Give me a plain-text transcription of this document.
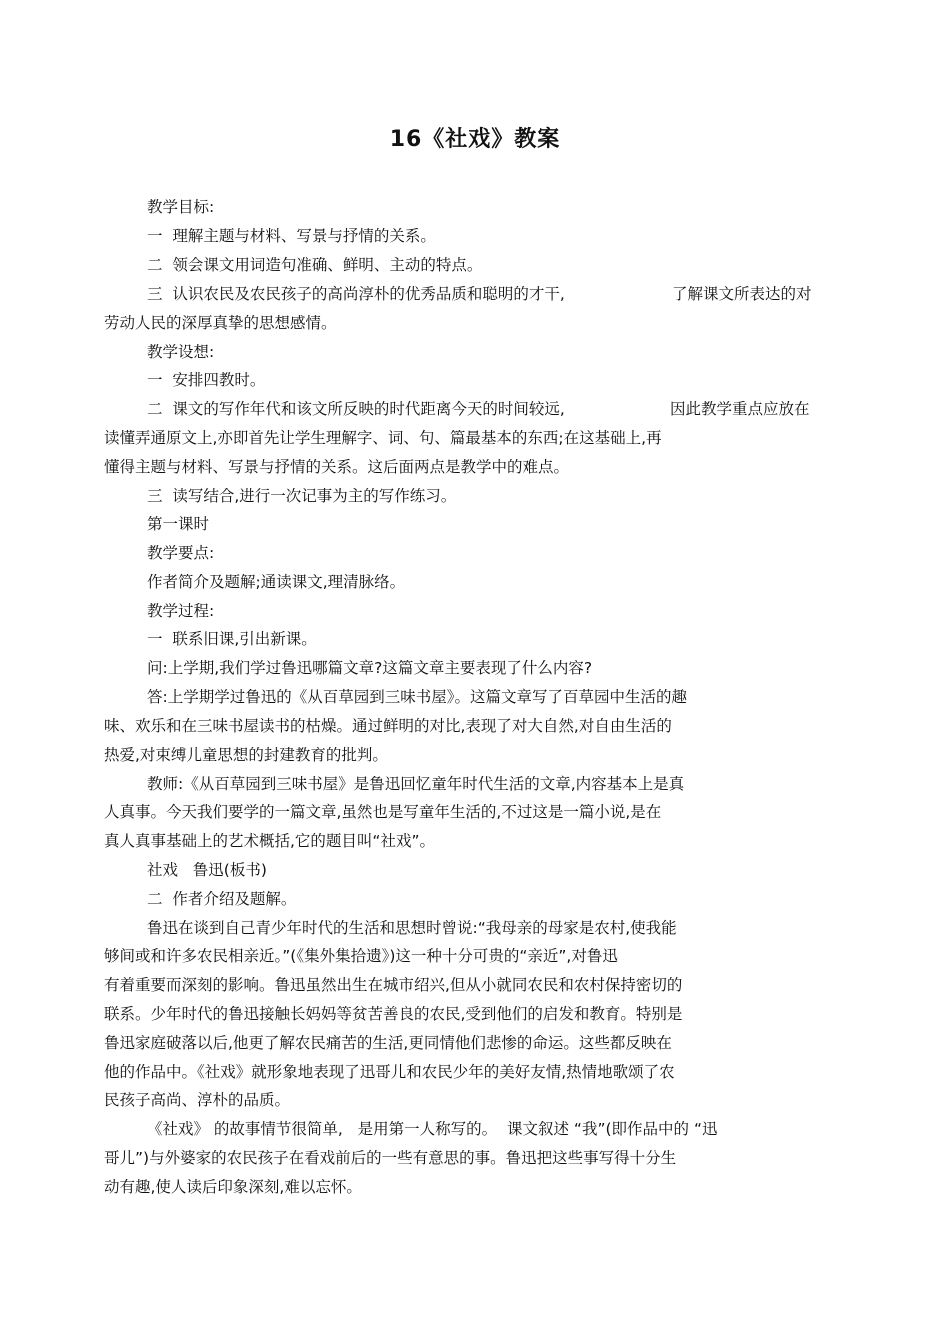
16《社戏》教案
教学目标:
一  理解主题与材料、写景与抒情的关系。
二  领会课文用词造句准确、鲜明、主动的特点。
三  认识农民及农民孩子的高尚淳朴的优秀品质和聪明的才干,	了解课文所表达的对
劳动人民的深厚真挚的思想感情。
教学设想:
一  安排四教时。
二  课文的写作年代和该文所反映的时代距离今天的时间较远,	因此教学重点应放在
读懂弄通原文上,亦即首先让学生理解字、词、句、篇最基本的东西;在这基础上,再
懂得主题与材料、写景与抒情的关系。这后面两点是教学中的难点。
三  读写结合,进行一次记事为主的写作练习。
第一课时
教学要点:
作者简介及题解;通读课文,理清脉络。
教学过程:
一  联系旧课,引出新课。
问:上学期,我们学过鲁迅哪篇文章?这篇文章主要表现了什么内容?
答:上学期学过鲁迅的《从百草园到三味书屋》。这篇文章写了百草园中生活的趣
味、欢乐和在三味书屋读书的枯燥。通过鲜明的对比,表现了对大自然,对自由生活的
热爱,对束缚儿童思想的封建教育的批判。
教师:《从百草园到三味书屋》是鲁迅回忆童年时代生活的文章,内容基本上是真
人真事。今天我们要学的一篇文章,虽然也是写童年生活的,不过这是一篇小说,是在
真人真事基础上的艺术概括,它的题目叫“社戏”。
社戏   鲁迅(板书)
二  作者介绍及题解。
鲁迅在谈到自己青少年时代的生活和思想时曾说:“我母亲的母家是农村,使我能
够间或和许多农民相亲近。”(《集外集拾遗》)这一种十分可贵的“亲近”,对鲁迅
有着重要而深刻的影响。鲁迅虽然出生在城市绍兴,但从小就同农民和农村保持密切的
联系。少年时代的鲁迅接触长妈妈等贫苦善良的农民,受到他们的启发和教育。特别是
鲁迅家庭破落以后,他更了解农民痛苦的生活,更同情他们悲惨的命运。这些都反映在
他的作品中。《社戏》就形象地表现了迅哥儿和农民少年的美好友情,热情地歌颂了农
民孩子高尚、淳朴的品质。
《社戏》 的故事情节很简单,   是用第一人称写的。  课文叙述 “我”(即作品中的 “迅
哥儿”)与外婆家的农民孩子在看戏前后的一些有意思的事。鲁迅把这些事写得十分生
动有趣,使人读后印象深刻,难以忘怀。
